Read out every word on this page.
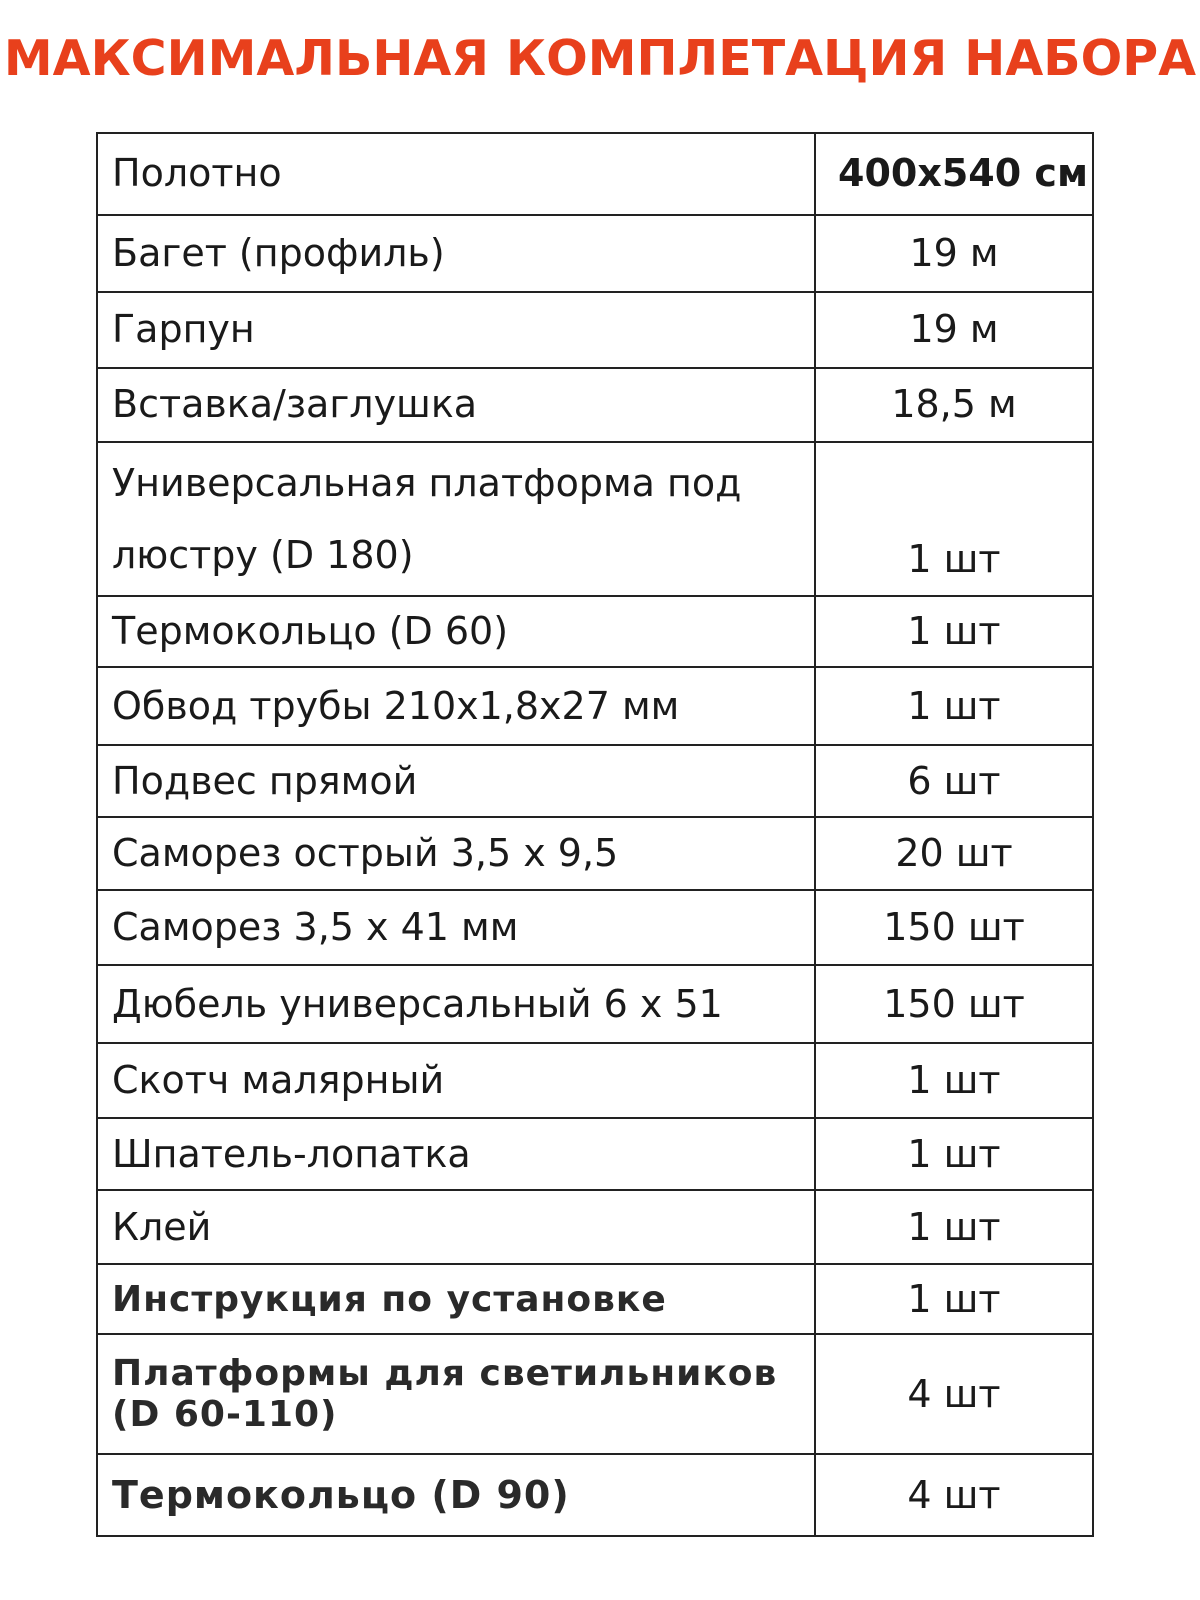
МАКСИМАЛЬНАЯ КОМПЛЕТАЦИЯ НАБОРА
Полотно	400х540 см
Багет (профиль)	19 м
Гарпун	19 м
Вставка/заглушка	18,5 м
Универсальная платформа под люстру (D 180)	1 шт
Термокольцо (D 60)	1 шт
Обвод трубы 210х1,8х27 мм	1 шт
Подвес прямой	6 шт
Саморез острый 3,5 х 9,5	20 шт
Саморез 3,5 х 41 мм	150 шт
Дюбель универсальный 6 х 51	150 шт
Скотч малярный	1 шт
Шпатель-лопатка	1 шт
Клей	1 шт
Инструкция по установке	1 шт
Платформы для светильников (D 60-110)	4 шт
Термокольцо (D 90)	4 шт
